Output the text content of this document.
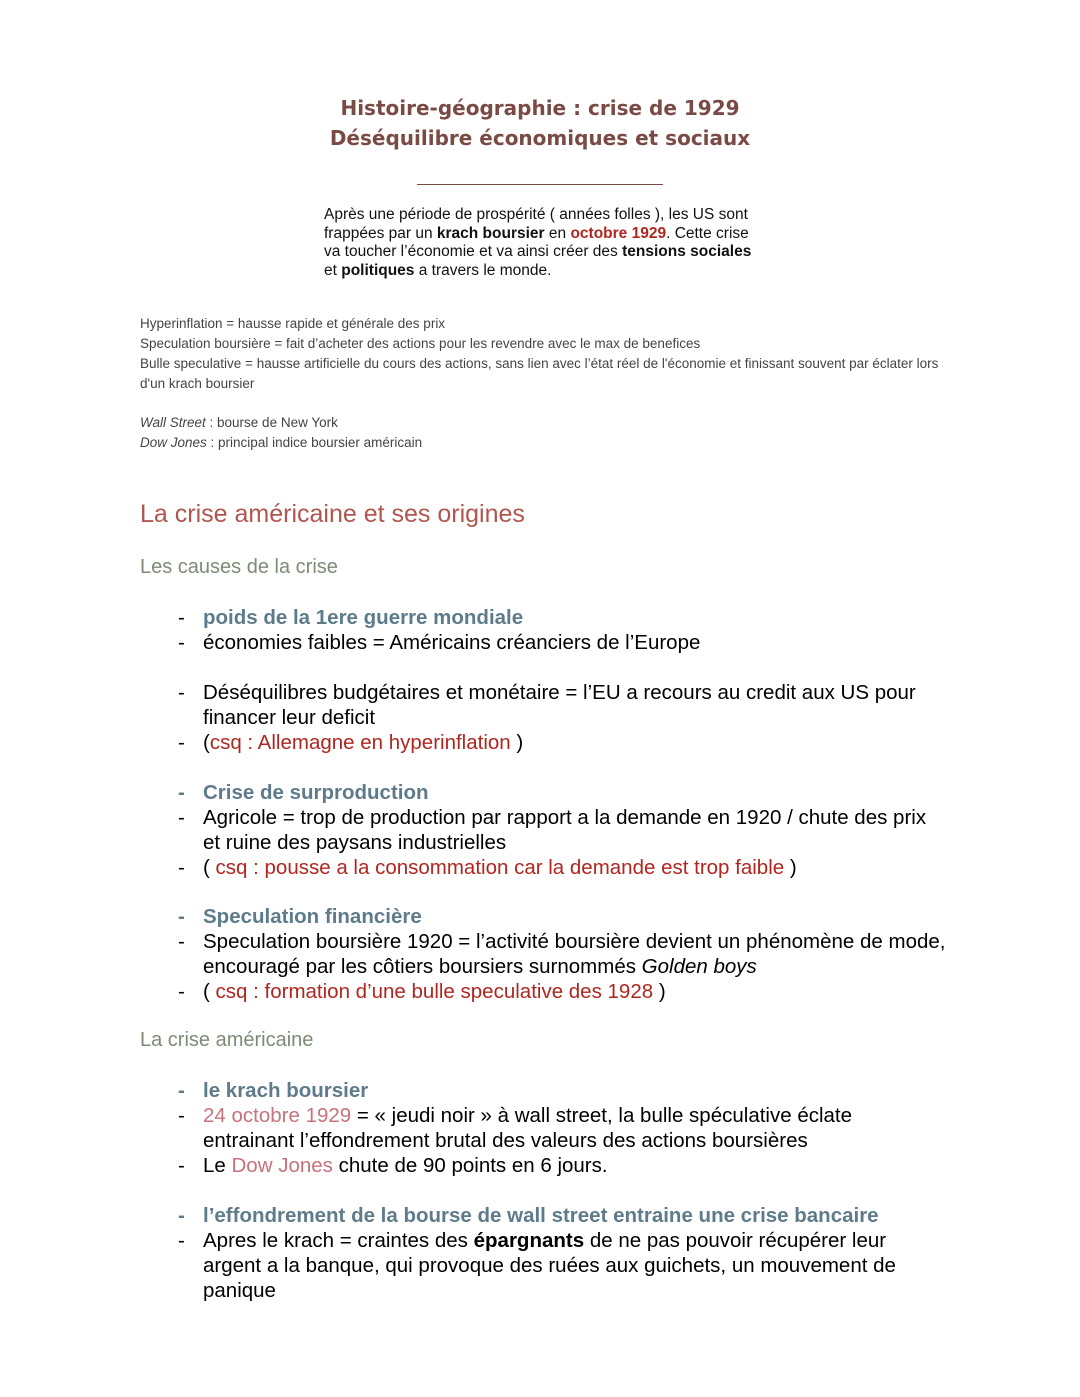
Histoire-géographie : crise de 1929
Déséquilibre économiques et sociaux
Après une période de prospérité ( années folles ), les US sont frappées par un krach boursier en octobre 1929. Cette crise va toucher l’économie et va ainsi créer des tensions sociales et politiques a travers le monde.

Hyperinflation = hausse rapide et générale des prix

Speculation boursière = fait d’acheter des actions pour les revendre avec le max de benefices

Bulle speculative = hausse artificielle du cours des actions, sans lien avec l’état réel de l'économie et finissant souvent par éclater lors d'un krach boursier

Wall Street : bourse de New York

Dow Jones : principal indice boursier américain

La crise américaine et ses origines
Les causes de la crise
- poids de la 1ere guerre mondiale
- économies faibles = Américains créanciers de l’Europe
- Déséquilibres budgétaires et monétaire = l’EU a recours au credit aux US pour financer leur deficit
- (csq : Allemagne en hyperinflation )
- Crise de surproduction
- Agricole = trop de production par rapport a la demande en 1920 / chute des prix et ruine des paysans industrielles
- ( csq : pousse a la consommation car la demande est trop faible )
- Speculation financière
- Speculation boursière 1920 = l’activité boursière devient un phénomène de mode, encouragé par les côtiers boursiers surnommés Golden boys
- ( csq : formation d’une bulle speculative des 1928 )
La crise américaine
- le krach boursier
- 24 octobre 1929 = « jeudi noir » à wall street, la bulle spéculative éclate entrainant l’effondrement brutal des valeurs des actions boursières
- Le Dow Jones chute de 90 points en 6 jours.
- l’effondrement de la bourse de wall street entraine une crise bancaire
- Apres le krach = craintes des épargnants de ne pas pouvoir récupérer leur argent a la banque, qui provoque des ruées aux guichets, un mouvement de panique
